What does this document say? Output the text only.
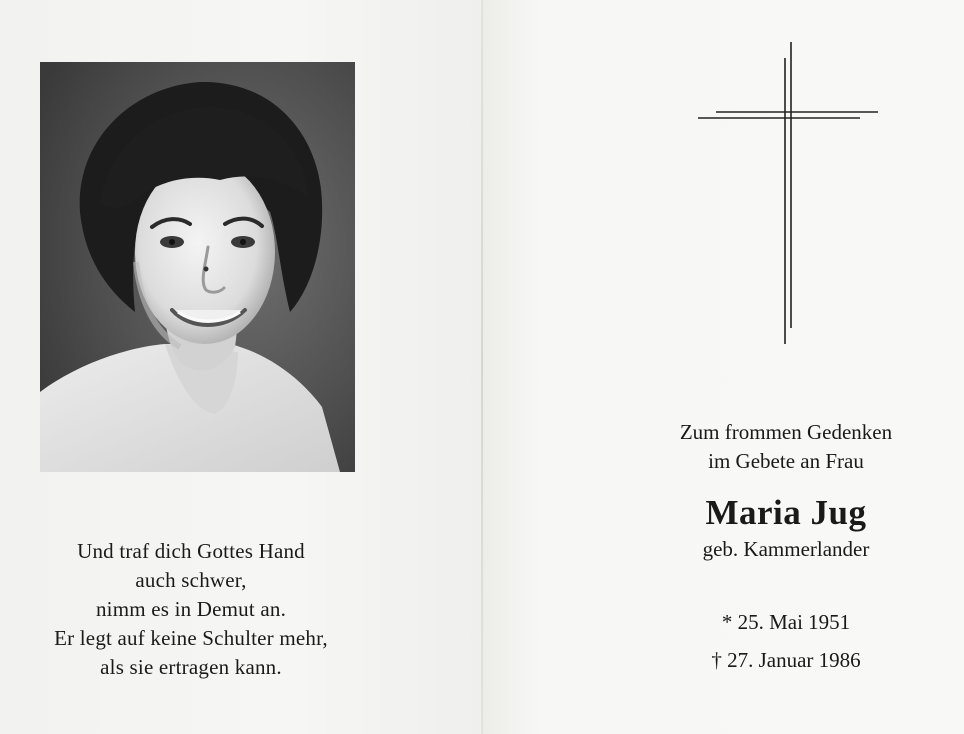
Und traf dich Gottes Hand
auch schwer,
nimm es in Demut an.
Er legt auf keine Schulter mehr,
als sie ertragen kann.
Zum frommen Gedenken
im Gebete an Frau
Maria Jug
geb. Kammerlander
* 25. Mai 1951
† 27. Januar 1986
